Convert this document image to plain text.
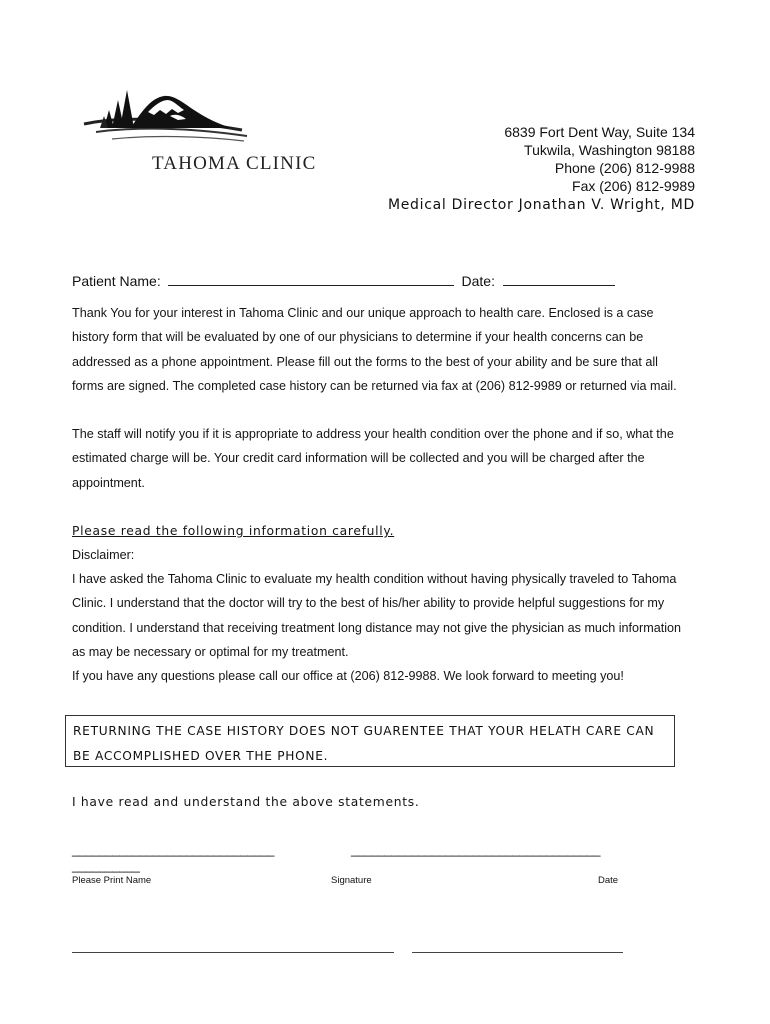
TAHOMA CLINIC
6839 Fort Dent Way, Suite 134
Tukwila, Washington 98188
Phone (206) 812-9988
Fax (206) 812-9989
Medical Director Jonathan V. Wright, MD
Patient Name:	Date:
Thank You for your interest in Tahoma Clinic and our unique approach to health care. Enclosed is a case history form that will be evaluated by one of our physicians to determine if your health concerns can be addressed as a phone appointment. Please fill out the forms to the best of your ability and be sure that all forms are signed. The completed case history can be returned via fax at (206) 812-9989 or returned via mail.
The staff will notify you if it is appropriate to address your health condition over the phone and if so, what the estimated charge will be. Your credit card information will be collected and you will be charged after the appointment.
Please read the following information carefully.
Disclaimer:
I have asked the Tahoma Clinic to evaluate my health condition without having physically traveled to Tahoma Clinic. I understand that the doctor will try to the best of his/her ability to provide helpful suggestions for my condition. I understand that receiving treatment long distance may not give the physician as much information as may be necessary or optimal for my treatment.
If you have any questions please call our office at (206) 812-9988. We look forward to meeting you!
RETURNING THE CASE HISTORY DOES NOT GUARENTEE THAT YOUR HELATH CARE CAN BE ACCOMPLISHED OVER THE PHONE.
I have read and understand the above statements.
______________________________	_____________________________________
__________
Please Print Name	Signature	Date
